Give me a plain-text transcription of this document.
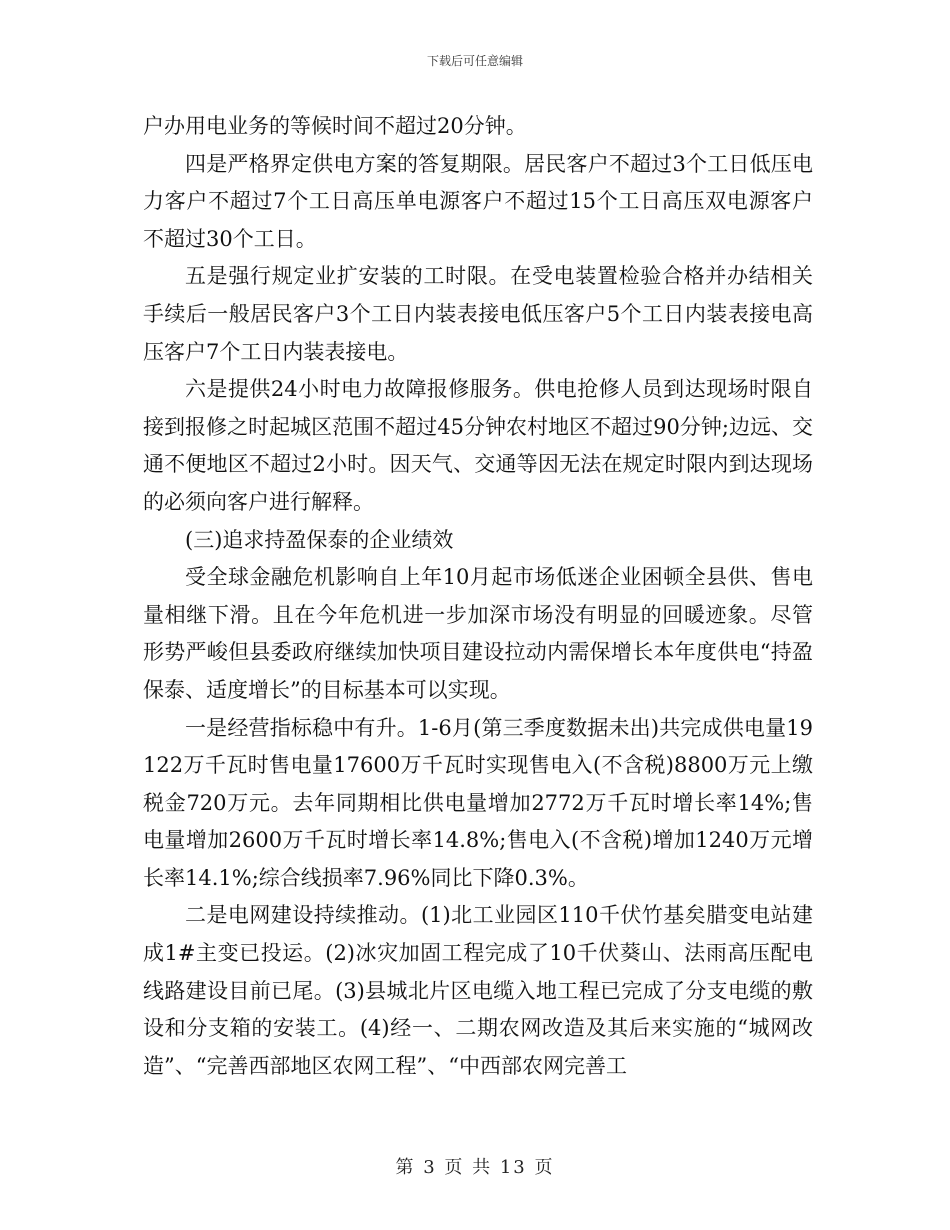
下载后可任意编辑

户办用电业务的等候时间不超过20分钟。

四是严格界定供电方案的答复期限。居民客户不超过3个工日低压电力客户不超过7个工日高压单电源客户不超过15个工日高压双电源客户不超过30个工日。

五是强行规定业扩安装的工时限。在受电装置检验合格并办结相关手续后一般居民客户3个工日内装表接电低压客户5个工日内装表接电高压客户7个工日内装表接电。

六是提供24小时电力故障报修服务。供电抢修人员到达现场时限自接到报修之时起城区范围不超过45分钟农村地区不超过90分钟;边远、交通不便地区不超过2小时。因天气、交通等因无法在规定时限内到达现场的必须向客户进行解释。

(三)追求持盈保泰的企业绩效

受全球金融危机影响自上年10月起市场低迷企业困顿全县供、售电量相继下滑。且在今年危机进一步加深市场没有明显的回暖迹象。尽管形势严峻但县委政府继续加快项目建设拉动内需保增长本年度供电“持盈保泰、适度增长”的目标基本可以实现。

一是经营指标稳中有升。1-6月(第三季度数据未出)共完成供电量19122万千瓦时售电量17600万千瓦时实现售电入(不含税)8800万元上缴税金720万元。去年同期相比供电量增加2772万千瓦时增长率14%;售电量增加2600万千瓦时增长率14.8%;售电入(不含税)增加1240万元增长率14.1%;综合线损率7.96%同比下降0.3%。

二是电网建设持续推动。(1)北工业园区110千伏竹基矣腊变电站建成1#主变已投运。(2)冰灾加固工程完成了10千伏葵山、法雨高压配电线路建设目前已尾。(3)县城北片区电缆入地工程已完成了分支电缆的敷设和分支箱的安装工。(4)经一、二期农网改造及其后来实施的“城网改造”、“完善西部地区农网工程”、“中西部农网完善工

第 3 页 共 13 页
